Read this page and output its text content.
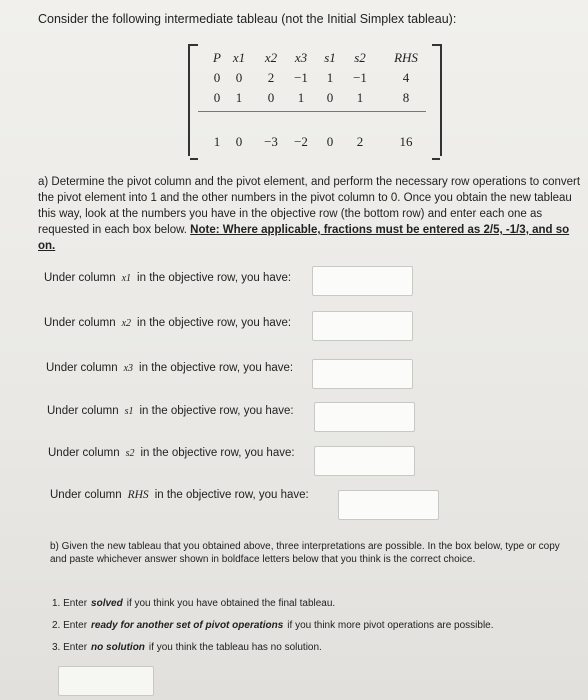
Consider the following intermediate tableau (not the Initial Simplex tableau):
P x1	x2	x3	s1	s2	RHS
0	0	2	−1	1	−1	4
0	1	0	1	0	1	8
1	0	−3	−2	0	2	16
a) Determine the pivot column and the pivot element, and perform the necessary row operations to convert the pivot element into 1 and the other numbers in the pivot column to 0. Once you obtain the new tableau this way, look at the numbers you have in the objective row (the bottom row) and enter each one as requested in each box below. Note: Where applicable, fractions must be entered as 2/5, -1/3, and so on.
Under column x1 in the objective row, you have:
Under column x2 in the objective row, you have:
Under column x3 in the objective row, you have:
Under column s1 in the objective row, you have:
Under column s2 in the objective row, you have:
Under column RHS in the objective row, you have:
b) Given the new tableau that you obtained above, three interpretations are possible. In the box below, type or copy and paste whichever answer shown in boldface letters below that you think is the correct choice.
1. Enter solved if you think you have obtained the final tableau.
2. Enter ready for another set of pivot operations if you think more pivot operations are possible.
3. Enter no solution if you think the tableau has no solution.
